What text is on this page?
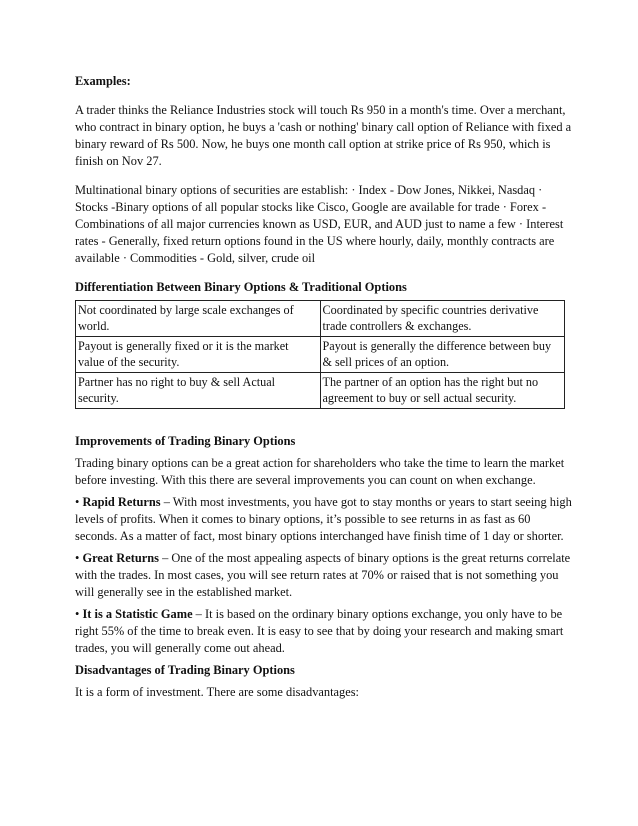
Examples:

A trader thinks the Reliance Industries stock will touch Rs 950 in a month's time. Over a merchant, who contract in binary option, he buys a 'cash or nothing' binary call option of Reliance with fixed a binary reward of Rs 500. Now, he buys one month call option at strike price of Rs 950, which is finish on Nov 27.

Multinational binary options of securities are establish: · Index - Dow Jones, Nikkei, Nasdaq · Stocks -Binary options of all popular stocks like Cisco, Google are available for trade · Forex - Combinations of all major currencies known as USD, EUR, and AUD just to name a few · Interest rates - Generally, fixed return options found in the US where hourly, daily, monthly contracts are available · Commodities - Gold, silver, crude oil

Differentiation Between Binary Options & Traditional Options

Not coordinated by large scale exchanges of world.	Coordinated by specific countries derivative trade controllers & exchanges.
Payout is generally fixed or it is the market value of the security.	Payout is generally the difference between buy & sell prices of an option.
Partner has no right to buy & sell Actual security.	The partner of an option has the right but no agreement to buy or sell actual security.

Improvements of Trading Binary Options

Trading binary options can be a great action for shareholders who take the time to learn the market before investing. With this there are several improvements you can count on when exchange.

• Rapid Returns – With most investments, you have got to stay months or years to start seeing high levels of profits. When it comes to binary options, it’s possible to see returns in as fast as 60 seconds. As a matter of fact, most binary options interchanged have finish time of 1 day or shorter.

• Great Returns – One of the most appealing aspects of binary options is the great returns correlate with the trades. In most cases, you will see return rates at 70% or raised that is not something you will generally see in the established market.

• It is a Statistic Game – It is based on the ordinary binary options exchange, you only have to be right 55% of the time to break even. It is easy to see that by doing your research and making smart trades, you will generally come out ahead.

Disadvantages of Trading Binary Options

It is a form of investment. There are some disadvantages:
